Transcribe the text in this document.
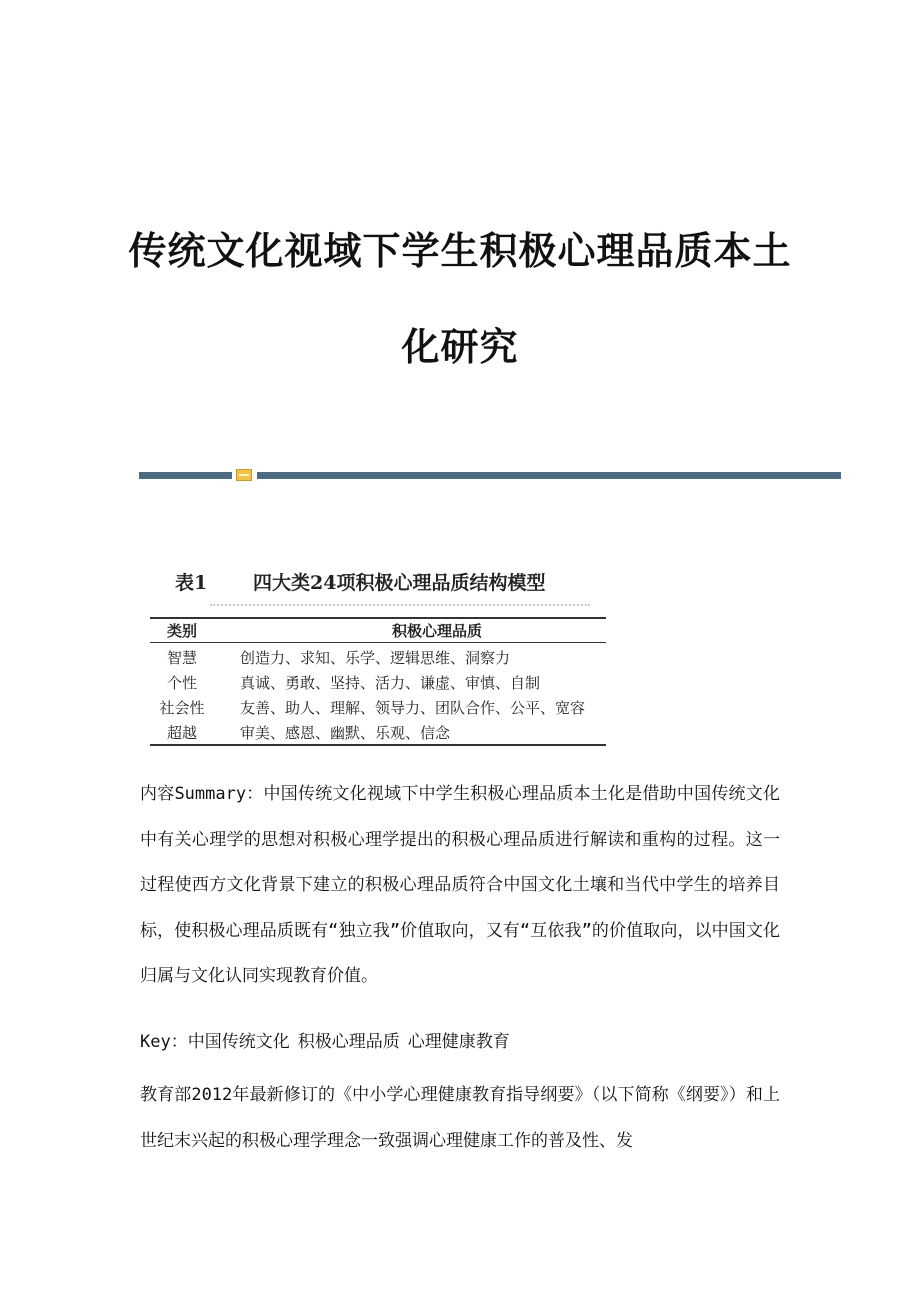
传统文化视域下学生积极心理品质本土
化研究
表1 四大类24项积极心理品质结构模型
类别	积极心理品质
智慧	创造力、求知、乐学、逻辑思维、洞察力
个性	真诚、勇敢、坚持、活力、谦虚、审慎、自制
社会性	友善、助人、理解、领导力、团队合作、公平、宽容
超越	审美、感恩、幽默、乐观、信念

内容Summary：中国传统文化视域下中学生积极心理品质本土化是借助中国传统文化中有关心理学的思想对积极心理学提出的积极心理品质进行解读和重构的过程。这一过程使西方文化背景下建立的积极心理品质符合中国文化土壤和当代中学生的培养目标，使积极心理品质既有“独立我”价值取向，又有“互依我”的价值取向，以中国文化归属与文化认同实现教育价值。

Key：中国传统文化 积极心理品质 心理健康教育

教育部2012年最新修订的《中小学心理健康教育指导纲要》（以下简称《纲要》）和上世纪末兴起的积极心理学理念一致强调心理健康工作的普及性、发
